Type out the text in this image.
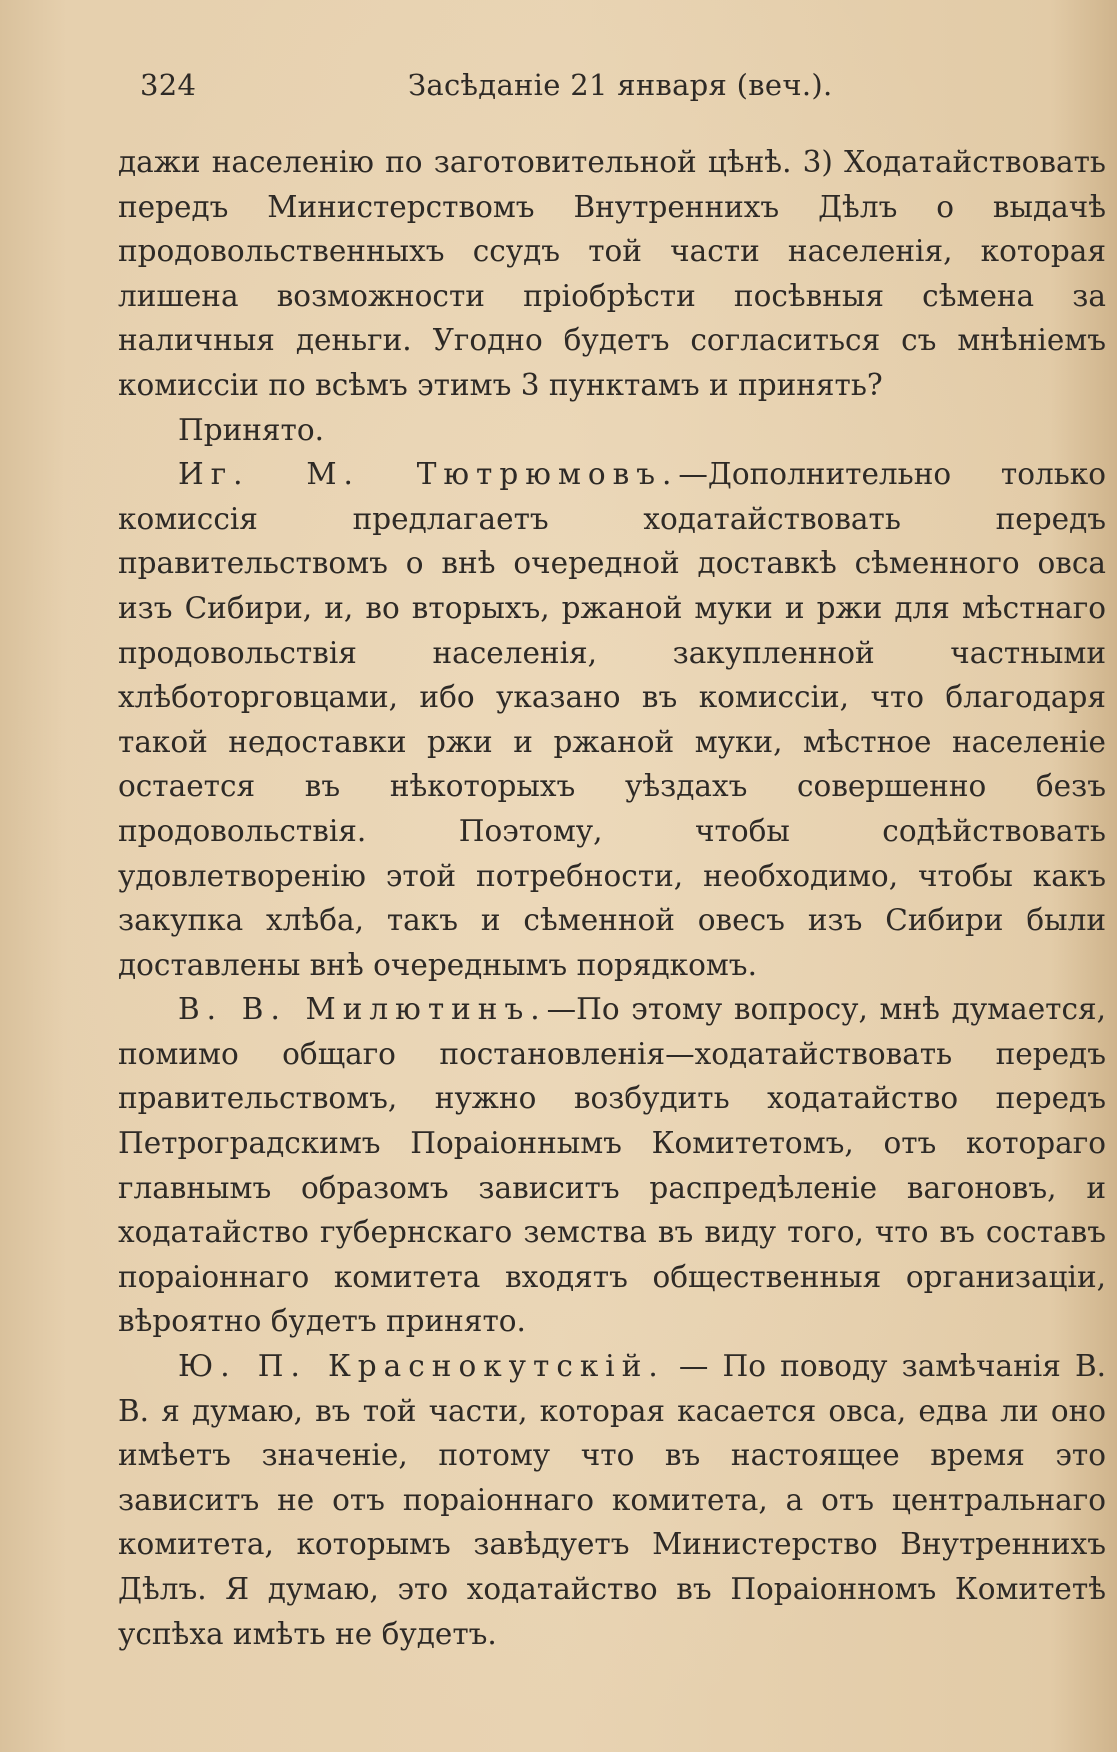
324	Засѣданіе 21 января (веч.).

дажи населенію по заготовительной цѣнѣ. 3) Ходатайствовать передъ Министерствомъ Внутреннихъ Дѣлъ о выдачѣ продовольственныхъ ссудъ той части населенія, которая лишена возможности пріобрѣсти посѣвныя сѣмена за наличныя деньги. Угодно будетъ согласиться съ мнѣніемъ комиссіи по всѣмъ этимъ 3 пунктамъ и принять?

Принято.

Иг. М. Тютрюмовъ.—Дополнительно только комиссія предлагаетъ ходатайствовать передъ правительствомъ о внѣ очередной доставкѣ сѣменного овса изъ Сибири, и, во вторыхъ, ржаной муки и ржи для мѣстнаго продовольствія населенія, закупленной частными хлѣботорговцами, ибо указано въ комиссіи, что благодаря такой недоставки ржи и ржаной муки, мѣстное населеніе остается въ нѣкоторыхъ уѣздахъ совершенно безъ продовольствія. Поэтому, чтобы содѣйствовать удовлетворенію этой потребности, необходимо, чтобы какъ закупка хлѣба, такъ и сѣменной овесъ изъ Сибири были доставлены внѣ очереднымъ порядкомъ.

В. В. Милютинъ.—По этому вопросу, мнѣ думается, помимо общаго постановленія—ходатайствовать передъ правительствомъ, нужно возбудить ходатайство передъ Петроградскимъ Пораіоннымъ Комитетомъ, отъ котораго главнымъ образомъ зависитъ распредѣленіе вагоновъ, и ходатайство губернскаго земства въ виду того, что въ составъ пораіоннаго комитета входятъ общественныя организаціи, вѣроятно будетъ принято.

Ю. П. Краснокутскій. — По поводу замѣчанія В. В. я думаю, въ той части, которая касается овса, едва ли оно имѣетъ значеніе, потому что въ настоящее время это зависитъ не отъ пораіоннаго комитета, а отъ центральнаго комитета, которымъ завѣдуетъ Министерство Внутреннихъ Дѣлъ. Я думаю, это ходатайство въ Пораіонномъ Комитетѣ успѣха имѣть не будетъ.
